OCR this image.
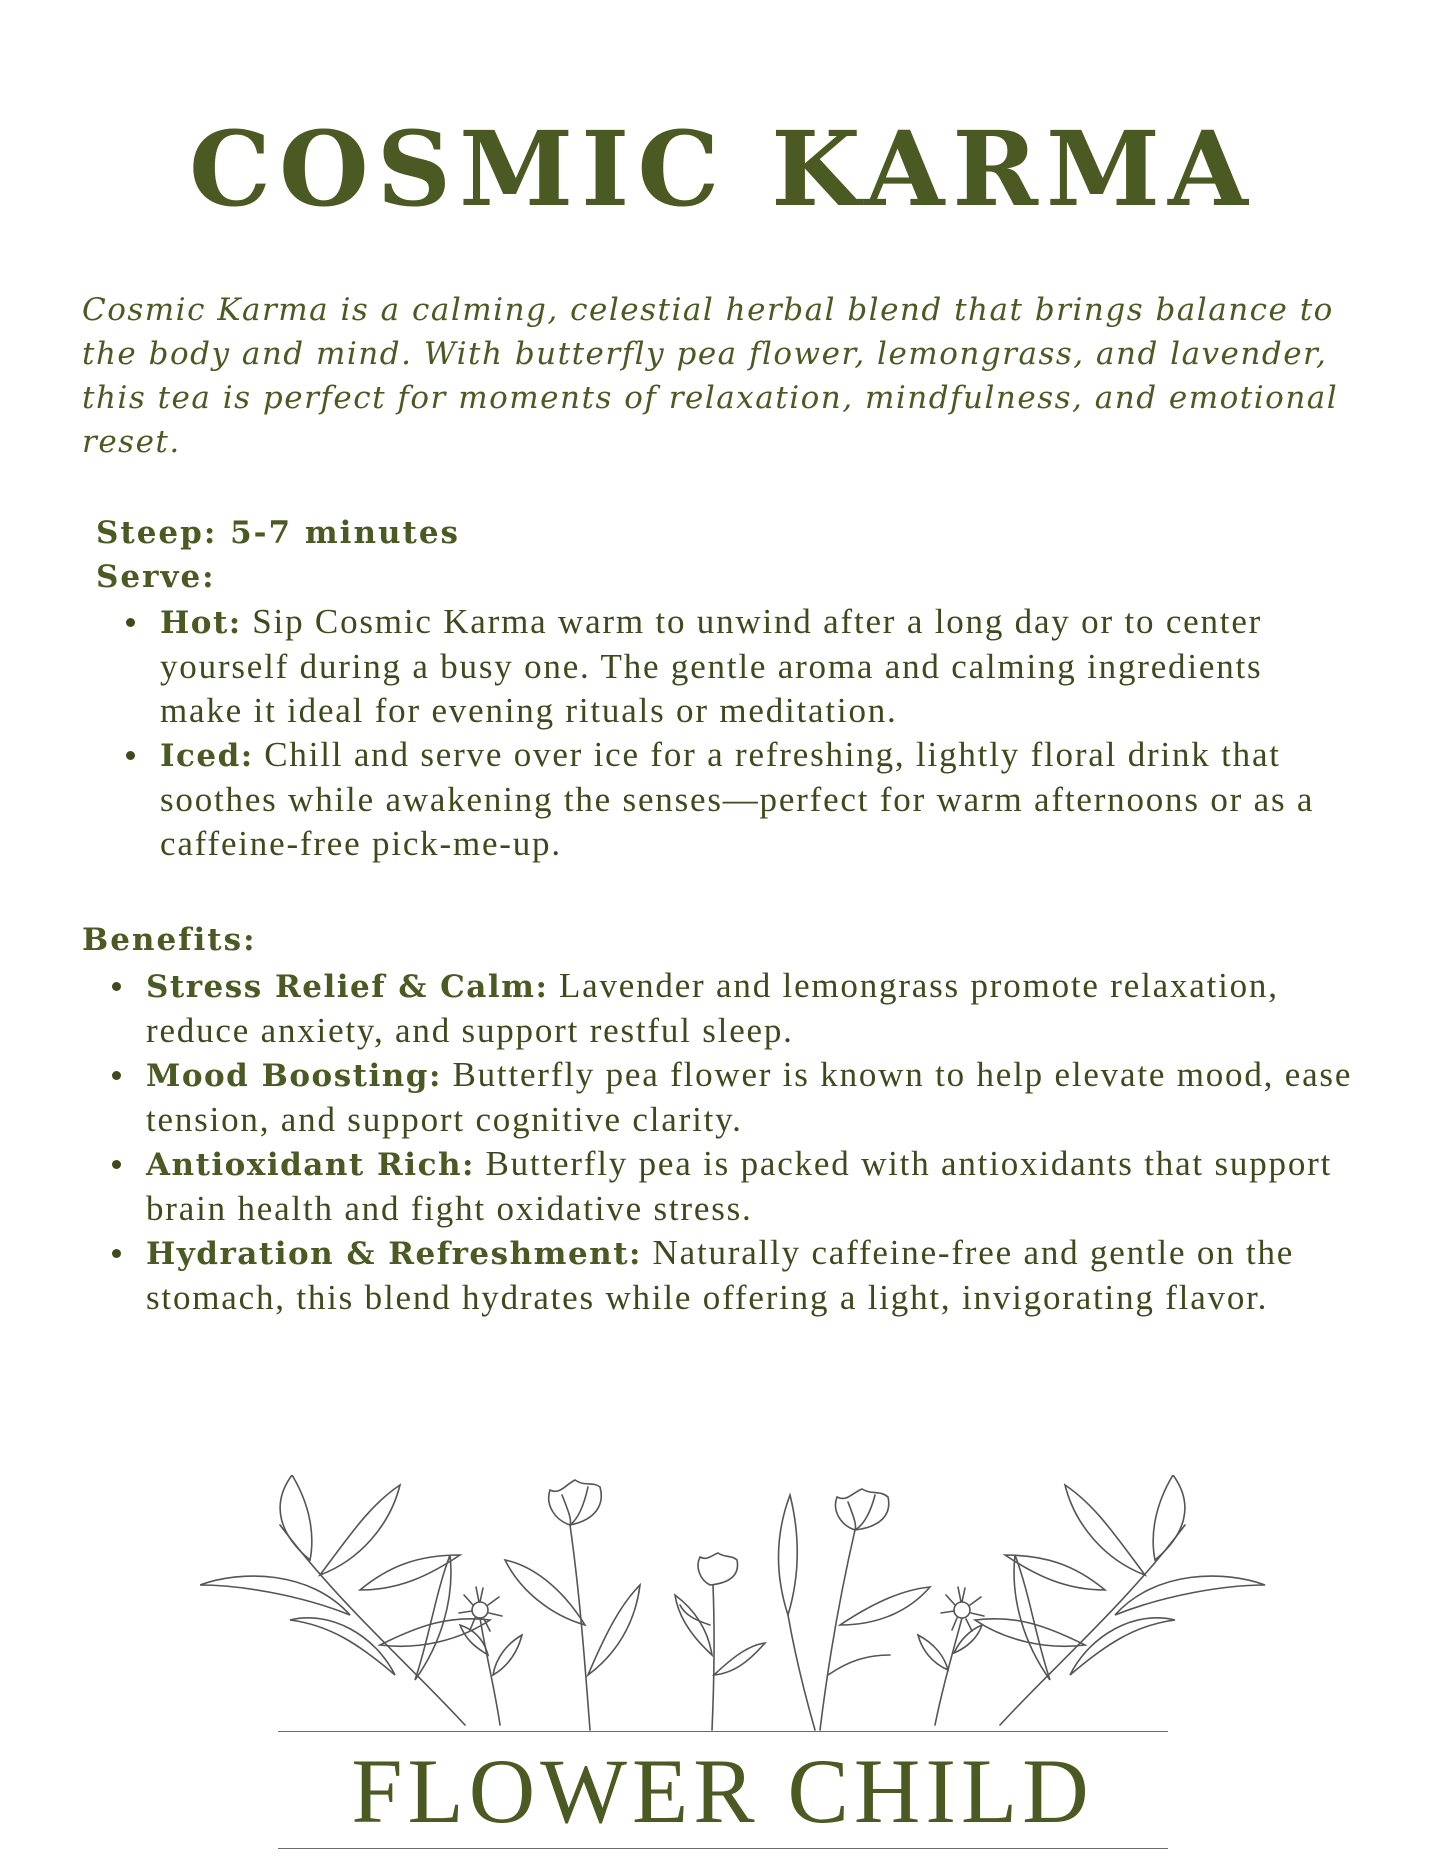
COSMIC KARMA

Cosmic Karma is a calming, celestial herbal blend that brings balance to the body and mind. With butterfly pea flower, lemongrass, and lavender, this tea is perfect for moments of relaxation, mindfulness, and emotional reset.

Steep: 5-7 minutes
Serve:
Hot: Sip Cosmic Karma warm to unwind after a long day or to center yourself during a busy one. The gentle aroma and calming ingredients make it ideal for evening rituals or meditation.
Iced: Chill and serve over ice for a refreshing, lightly floral drink that soothes while awakening the senses—perfect for warm afternoons or as a caffeine-free pick-me-up.
Benefits:
Stress Relief & Calm: Lavender and lemongrass promote relaxation, reduce anxiety, and support restful sleep.
Mood Boosting: Butterfly pea flower is known to help elevate mood, ease tension, and support cognitive clarity.
Antioxidant Rich: Butterfly pea is packed with antioxidants that support brain health and fight oxidative stress.
Hydration & Refreshment: Naturally caffeine-free and gentle on the stomach, this blend hydrates while offering a light, invigorating flavor.
FLOWER CHILD
